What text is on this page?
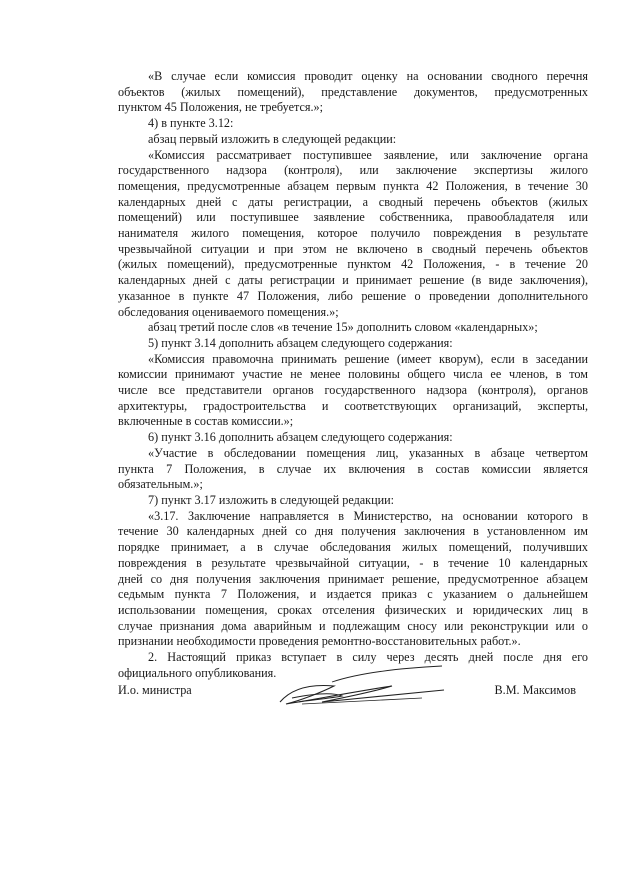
«В случае если комиссия проводит оценку на основании сводного перечня
объектов (жилых помещений), представление документов, предусмотренных
пунктом 45 Положения, не требуется.»;
4) в пункте 3.12:
абзац первый изложить в следующей редакции:
«Комиссия рассматривает поступившее заявление, или заключение органа
государственного надзора (контроля), или заключение экспертизы жилого
помещения, предусмотренные абзацем первым пункта 42 Положения, в течение 30
календарных дней с даты регистрации, а сводный перечень объектов (жилых
помещений) или поступившее заявление собственника, правообладателя или
нанимателя жилого помещения, которое получило повреждения в результате
чрезвычайной ситуации и при этом не включено в сводный перечень объектов
(жилых помещений), предусмотренные пунктом 42 Положения, - в течение 20
календарных дней с даты регистрации и принимает решение (в виде заключения),
указанное в пункте 47 Положения, либо решение о проведении дополнительного
обследования оцениваемого помещения.»;
абзац третий после слов «в течение 15» дополнить словом «календарных»;
5) пункт 3.14 дополнить абзацем следующего содержания:
«Комиссия правомочна принимать решение (имеет кворум), если в заседании
комиссии принимают участие не менее половины общего числа ее членов, в том
числе все представители органов государственного надзора (контроля), органов
архитектуры, градостроительства и соответствующих организаций, эксперты,
включенные в состав комиссии.»;
6) пункт 3.16 дополнить абзацем следующего содержания:
«Участие в обследовании помещения лиц, указанных в абзаце четвертом
пункта 7 Положения, в случае их включения в состав комиссии является
обязательным.»;
7) пункт 3.17 изложить в следующей редакции:
«3.17. Заключение направляется в Министерство, на основании которого в
течение 30 календарных дней со дня получения заключения в установленном им
порядке принимает, а в случае обследования жилых помещений, получивших
повреждения в результате чрезвычайной ситуации, - в течение 10 календарных
дней со дня получения заключения принимает решение, предусмотренное абзацем
седьмым пункта 7 Положения, и издается приказ с указанием о дальнейшем
использовании помещения, сроках отселения физических и юридических лиц в
случае признания дома аварийным и подлежащим сносу или реконструкции или о
признании необходимости проведения ремонтно-восстановительных работ.».
2. Настоящий приказ вступает в силу через десять дней после дня его
официального опубликования.
И.о. министра	В.М. Максимов
